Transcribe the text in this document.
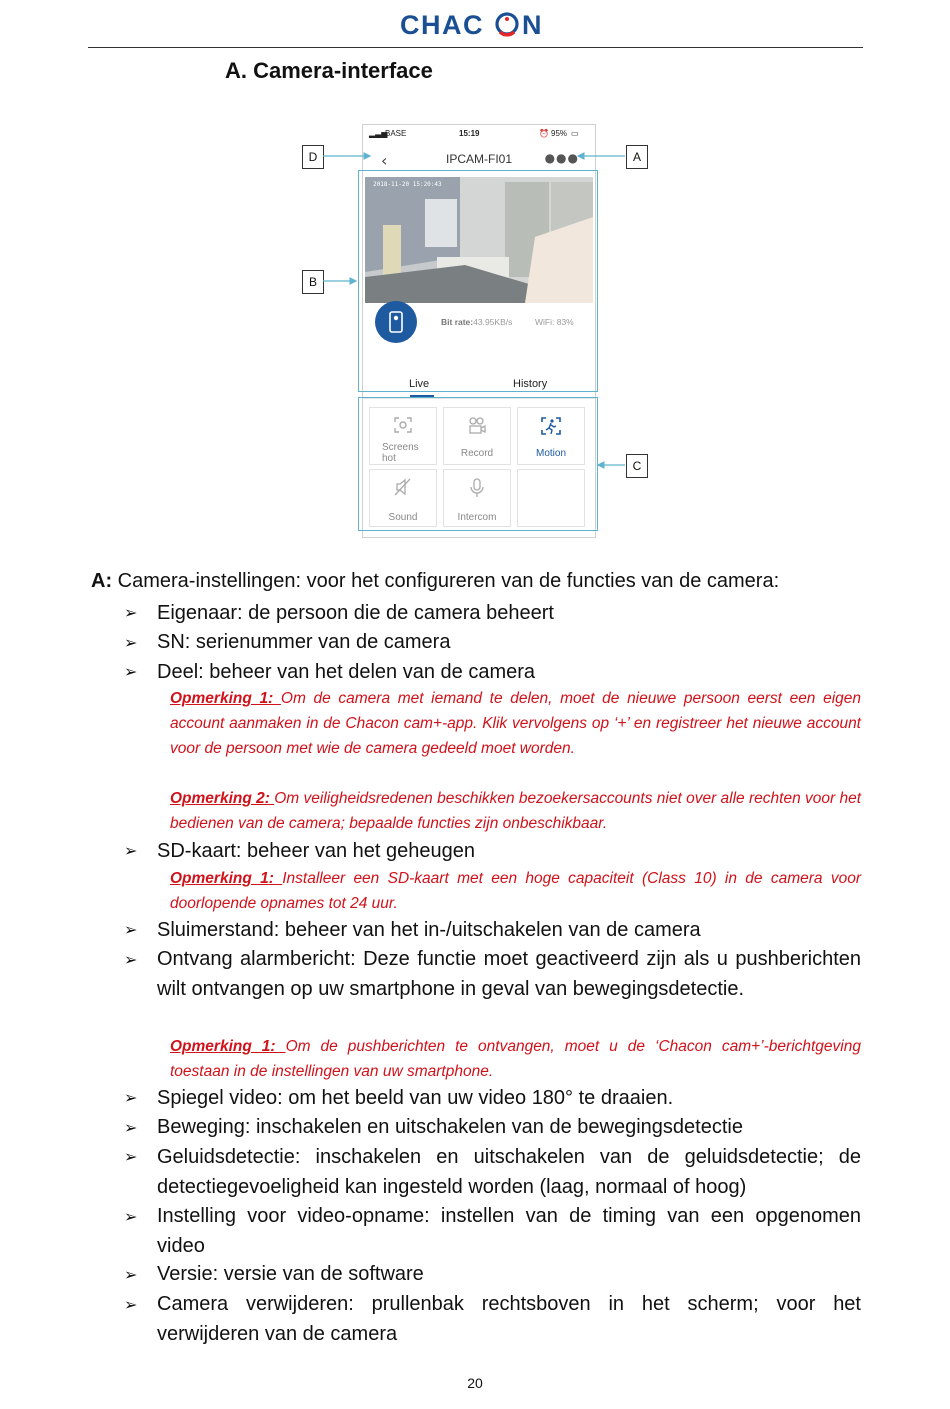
CHAC N
A. Camera-interface
▂▃▅
BASE	15:19	⏰ 95% ▭
‹	IPCAM-FI01	●●●
2018-11-20 15:20:43
Bit rate:43.95KB/s	WiFi: 83%
Live	History
Screens hot	Record	Motion
Sound	Intercom
D	A
B
C
A: Camera-instellingen: voor het configureren van de functies van de camera:
➢ Eigenaar: de persoon die de camera beheert
➢ SN: serienummer van de camera
➢ Deel: beheer van het delen van de camera
Opmerking 1: Om de camera met iemand te delen, moet de nieuwe persoon eerst een eigen account aanmaken in de Chacon cam+-app. Klik vervolgens op ‘+’ en registreer het nieuwe account voor de persoon met wie de camera gedeeld moet worden.
Opmerking 2: Om veiligheidsredenen beschikken bezoekersaccounts niet over alle rechten voor het bedienen van de camera; bepaalde functies zijn onbeschikbaar.
➢ SD-kaart: beheer van het geheugen
Opmerking 1: Installeer een SD-kaart met een hoge capaciteit (Class 10) in de camera voor doorlopende opnames tot 24 uur.
➢ Sluimerstand: beheer van het in-/uitschakelen van de camera
➢ Ontvang alarmbericht: Deze functie moet geactiveerd zijn als u pushberichten wilt ontvangen op uw smartphone in geval van bewegingsdetectie.
Opmerking 1: Om de pushberichten te ontvangen, moet u de ‘Chacon cam+’-berichtgeving toestaan in de instellingen van uw smartphone.
➢ Spiegel video: om het beeld van uw video 180° te draaien.
➢ Beweging: inschakelen en uitschakelen van de bewegingsdetectie
➢ Geluidsdetectie: inschakelen en uitschakelen van de geluidsdetectie; de detectiegevoeligheid kan ingesteld worden (laag, normaal of hoog)
➢ Instelling voor video-opname: instellen van de timing van een opgenomen video
➢ Versie: versie van de software
➢ Camera verwijderen: prullenbak rechtsboven in het scherm; voor het verwijderen van de camera
20
